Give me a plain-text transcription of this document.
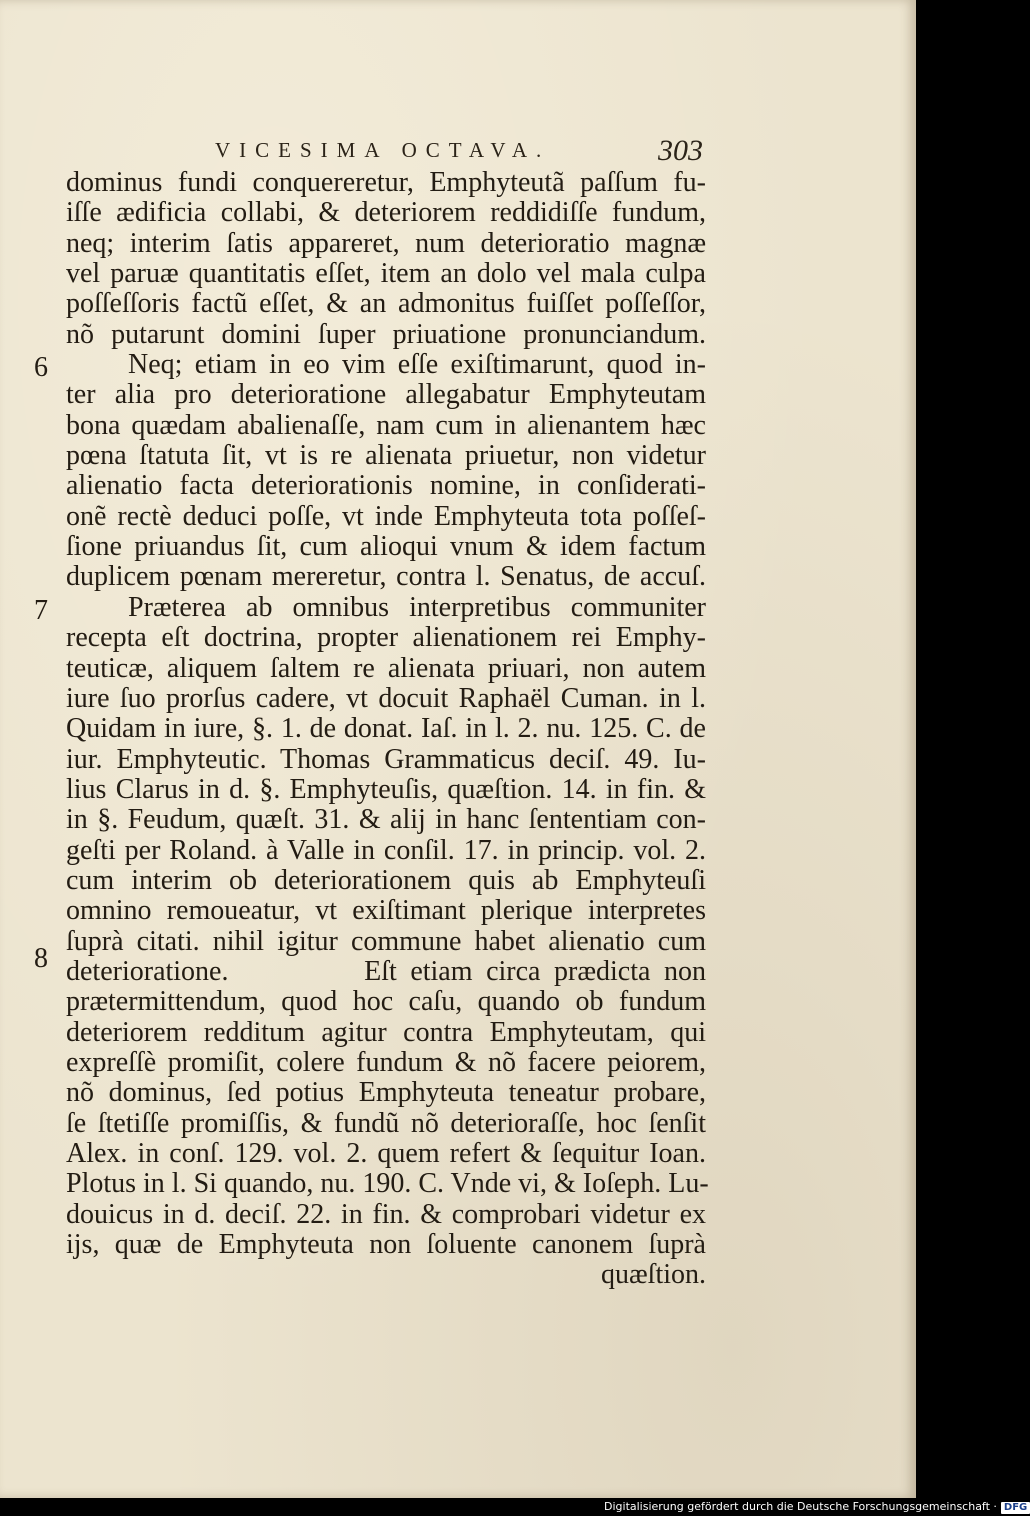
VICESIMA OCTAVA.	303
6
7
8
dominus fundi conquereretur, Emphyteutã paſſum fu-
iſſe ædificia collabi, & deteriorem reddidiſſe fundum,
neq; interim ſatis appareret, num deterioratio magnæ
vel paruæ quantitatis eſſet, item an dolo vel mala culpa
poſſeſſoris factũ eſſet, & an admonitus fuiſſet poſſeſſor,
nõ putarunt domini ſuper priuatione pronunciandum.
Neq; etiam in eo vim eſſe exiſtimarunt, quod in-
ter alia pro deterioratione allegabatur Emphyteutam
bona quædam abalienaſſe, nam cum in alienantem hæc
pœna ſtatuta ſit, vt is re alienata priuetur, non videtur
alienatio facta deteriorationis nomine, in conſiderati-
onẽ rectè deduci poſſe, vt inde Emphyteuta tota poſſeſ-
ſione priuandus ſit, cum alioqui vnum & idem factum
duplicem pœnam mereretur, contra l. Senatus, de accuſ.
Præterea ab omnibus interpretibus communiter
recepta eſt doctrina, propter alienationem rei Emphy-
teuticæ, aliquem ſaltem re alienata priuari, non autem
iure ſuo prorſus cadere, vt docuit Raphaël Cuman. in l.
Quidam in iure, §. 1. de donat. Iaſ. in l. 2. nu. 125. C. de
iur. Emphyteutic. Thomas Grammaticus deciſ. 49. Iu-
lius Clarus in d. §. Emphyteuſis, quæſtion. 14. in fin. &
in §. Feudum, quæſt. 31. & alij in hanc ſententiam con-
geſti per Roland. à Valle in conſil. 17. in princip. vol. 2.
cum interim ob deteriorationem quis ab Emphyteuſi
omnino remoueatur, vt exiſtimant plerique interpretes
ſuprà citati. nihil igitur commune habet alienatio cum
deterioratione.          Eſt etiam circa prædicta non
prætermittendum, quod hoc caſu, quando ob fundum
deteriorem redditum agitur contra Emphyteutam, qui
expreſſè promiſit, colere fundum & nõ facere peiorem,
nõ dominus, ſed potius Emphyteuta teneatur probare,
ſe ſtetiſſe promiſſis, & fundũ nõ deterioraſſe, hoc ſenſit
Alex. in conſ. 129. vol. 2. quem refert & ſequitur Ioan.
Plotus in l. Si quando, nu. 190. C. Vnde vi, & Ioſeph. Lu-
douicus in d. deciſ. 22. in fin. & comprobari videtur ex
ijs, quæ de Emphyteuta non ſoluente canonem ſuprà
quæſtion.
Digitalisierung gefördert durch die Deutsche Forschungsgemeinschaft · DFG
